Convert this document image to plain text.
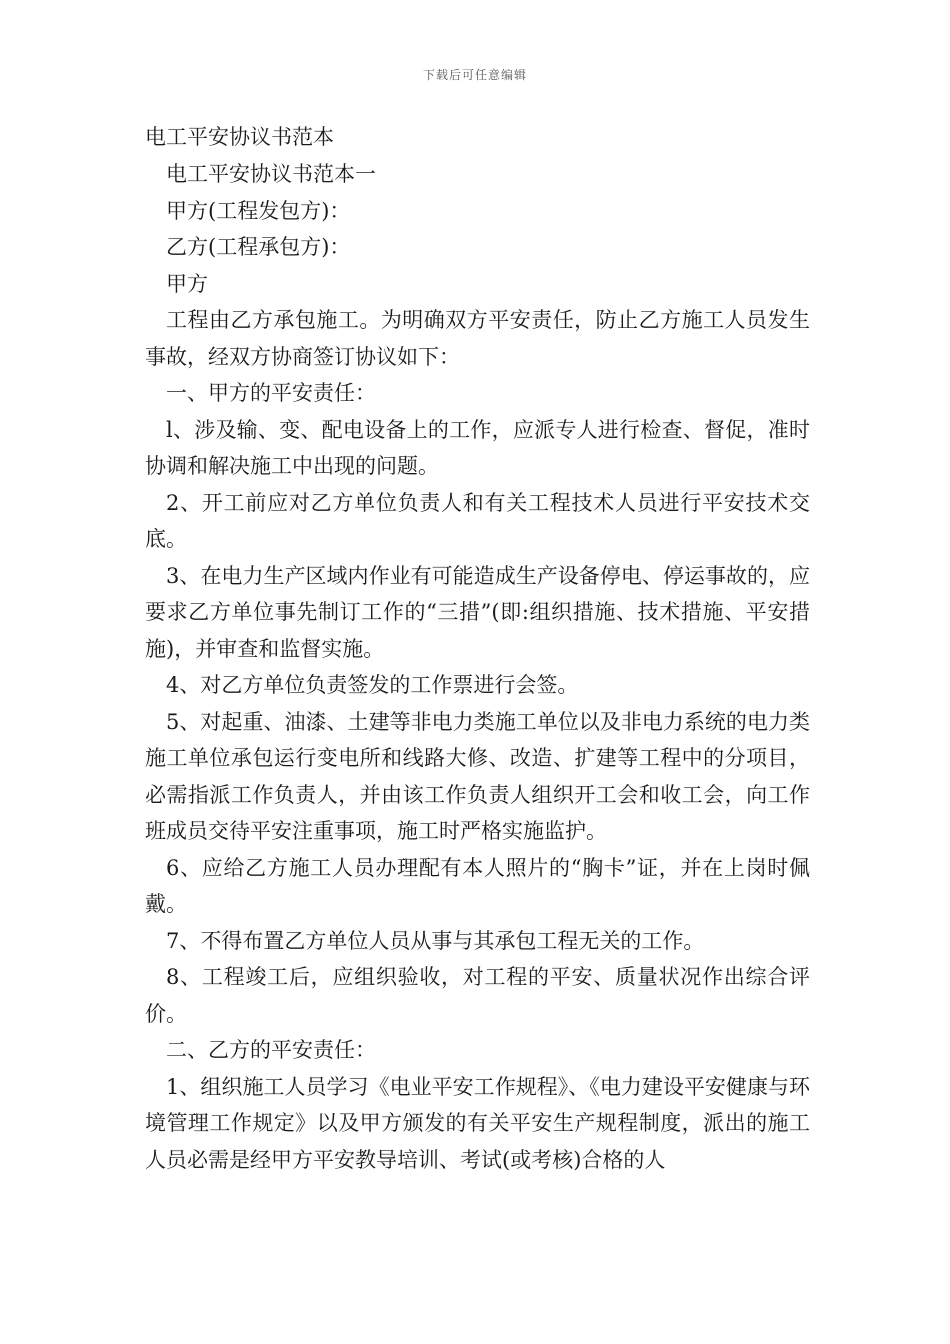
下载后可任意编辑
电工平安协议书范本

电工平安协议书范本一

甲方(工程发包方)：

乙方(工程承包方)：

甲方

工程由乙方承包施工。为明确双方平安责任，防止乙方施工人员发生事故，经双方协商签订协议如下：

一、甲方的平安责任：

l、涉及输、变、配电设备上的工作，应派专人进行检查、督促，准时协调和解决施工中出现的问题。

2、开工前应对乙方单位负责人和有关工程技术人员进行平安技术交底。

3、在电力生产区域内作业有可能造成生产设备停电、停运事故的，应要求乙方单位事先制订工作的“三措”(即:组织措施、技术措施、平安措施)，并审查和监督实施。

4、对乙方单位负责签发的工作票进行会签。

5、对起重、油漆、土建等非电力类施工单位以及非电力系统的电力类施工单位承包运行变电所和线路大修、改造、扩建等工程中的分项目，必需指派工作负责人，并由该工作负责人组织开工会和收工会，向工作班成员交待平安注重事项，施工时严格实施监护。

6、应给乙方施工人员办理配有本人照片的“胸卡”证，并在上岗时佩戴。

7、不得布置乙方单位人员从事与其承包工程无关的工作。

8、工程竣工后，应组织验收，对工程的平安、质量状况作出综合评价。

二、乙方的平安责任：

1、组织施工人员学习《电业平安工作规程》、《电力建设平安健康与环境管理工作规定》以及甲方颁发的有关平安生产规程制度，派出的施工人员必需是经甲方平安教导培训、考试(或考核)合格的人
